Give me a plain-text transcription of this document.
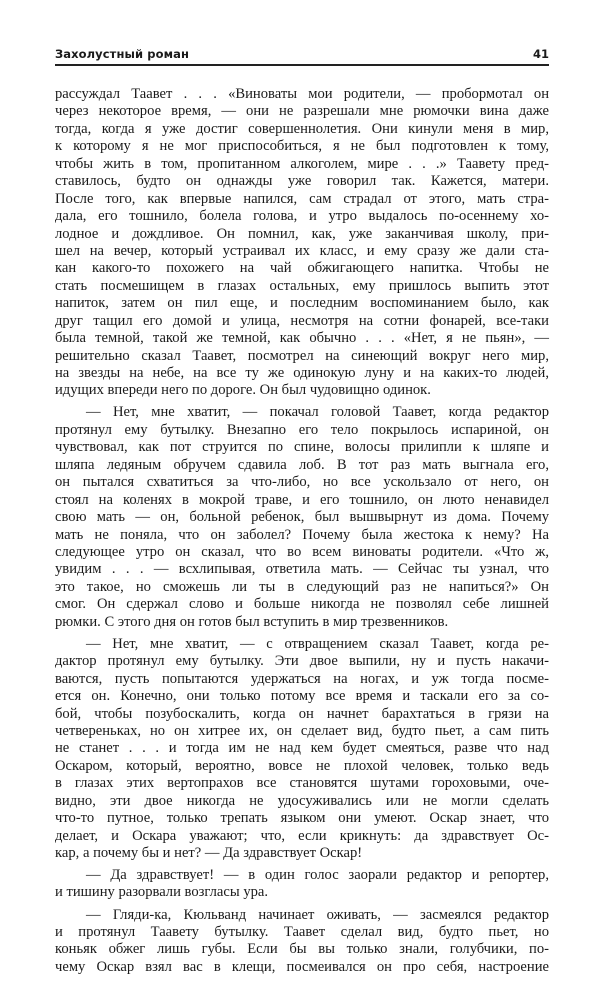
Захолустный роман	41
рассуждал Таавет . . . «Виноваты мои родители, — пробормотал он
через некоторое время, — они не разрешали мне рюмочки вина даже
тогда, когда я уже достиг совершеннолетия. Они кинули меня в мир,
к которому я не мог приспособиться, я не был подготовлен к тому,
чтобы жить в том, пропитанном алкоголем, мире . . .» Таавету пред-
ставилось, будто он однажды уже говорил так. Кажется, матери.
После того, как впервые напился, сам страдал от этого, мать стра-
дала, его тошнило, болела голова, и утро выдалось по-осеннему хо-
лодное и дождливое. Он помнил, как, уже заканчивая школу, при-
шел на вечер, который устраивал их класс, и ему сразу же дали ста-
кан какого-то похожего на чай обжигающего напитка. Чтобы не
стать посмешищем в глазах остальных, ему пришлось выпить этот
напиток, затем он пил еще, и последним воспоминанием было, как
друг тащил его домой и улица, несмотря на сотни фонарей, все-таки
была темной, такой же темной, как обычно . . . «Нет, я не пьян», —
решительно сказал Таавет, посмотрел на синеющий вокруг него мир,
на звезды на небе, на все ту же одинокую луну и на каких-то людей,
идущих впереди него по дороге. Он был чудовищно одинок.
— Нет, мне хватит, — покачал головой Таавет, когда редактор
протянул ему бутылку. Внезапно его тело покрылось испариной, он
чувствовал, как пот струится по спине, волосы прилипли к шляпе и
шляпа ледяным обручем сдавила лоб. В тот раз мать выгнала его,
он пытался схватиться за что-либо, но все ускользало от него, он
стоял на коленях в мокрой траве, и его тошнило, он люто ненавидел
свою мать — он, больной ребенок, был вышвырнут из дома. Почему
мать не поняла, что он заболел? Почему была жестока к нему? На
следующее утро он сказал, что во всем виноваты родители. «Что ж,
увидим . . . — всхлипывая, ответила мать. — Сейчас ты узнал, что
это такое, но сможешь ли ты в следующий раз не напиться?» Он
смог. Он сдержал слово и больше никогда не позволял себе лишней
рюмки. С этого дня он готов был вступить в мир трезвенников.
— Нет, мне хватит, — с отвращением сказал Таавет, когда ре-
дактор протянул ему бутылку. Эти двое выпили, ну и пусть накачи-
ваются, пусть попытаются удержаться на ногах, и уж тогда посме-
ется он. Конечно, они только потому все время и таскали его за со-
бой, чтобы позубоскалить, когда он начнет барахтаться в грязи на
четвереньках, но он хитрее их, он сделает вид, будто пьет, а сам пить
не станет . . . и тогда им не над кем будет смеяться, разве что над
Оскаром, который, вероятно, вовсе не плохой человек, только ведь
в глазах этих вертопрахов все становятся шутами гороховыми, оче-
видно, эти двое никогда не удосуживались или не могли сделать
что-то путное, только трепать языком они умеют. Оскар знает, что
делает, и Оскара уважают; что, если крикнуть: да здравствует Ос-
кар, а почему бы и нет? — Да здравствует Оскар!
— Да здравствует! — в один голос заорали редактор и репортер,
и тишину разорвали возгласы ура.
— Гляди-ка, Кюльванд начинает оживать, — засмеялся редактор
и протянул Таавету бутылку. Таавет сделал вид, будто пьет, но
коньяк обжег лишь губы. Если бы вы только знали, голубчики, по-
чему Оскар взял вас в клещи, посмеивался он про себя, настроение
